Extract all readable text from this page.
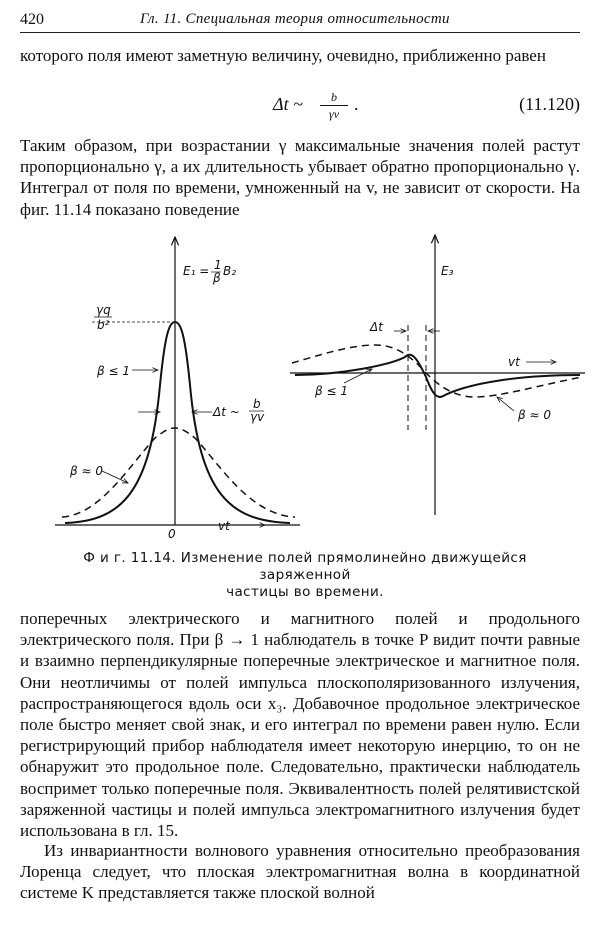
420	Гл. 11. Специальная теория относительности

которого поля имеют заметную величину, очевидно, приближенно равен

Δt ~	b
γv .	(11.120)

Таким образом, при возрастании γ максимальные значения полей растут пропорционально γ, а их длительность убывает обратно пропорционально γ. Интеграл от поля по времени, умноженный на v, не зависит от скорости. На фиг. 11.14 показано поведение

E₁ = 1
β B₂
γq
b²
β ≤ 1
β ≈ 0
Δt ~
b
γv
0
vt
E₃
Δt
β ≤ 1
β ≈ 0
vt
Ф и г. 11.14. Изменение полей прямолинейно движущейся заряженной
частицы во времени.

поперечных электрического и магнитного полей и продольного электрического поля. При β → 1 наблюдатель в точке P видит почти равные и взаимно перпендикулярные поперечные электрическое и магнитное поля. Они неотличимы от полей импульса плоскополяризованного излучения, распространяющегося вдоль оси x₃. Добавочное продольное электрическое поле быстро меняет свой знак, и его интеграл по времени равен нулю. Если регистрирующий прибор наблюдателя имеет некоторую инерцию, то он не обнаружит это продольное поле. Следовательно, практически наблюдатель воспримет только поперечные поля. Эквивалентность полей релятивистской заряженной частицы и полей импульса электромагнитного излучения будет использована в гл. 15.

Из инвариантности волнового уравнения относительно преобразования Лоренца следует, что плоская электромагнитная волна в координатной системе K представляется также плоской волной
